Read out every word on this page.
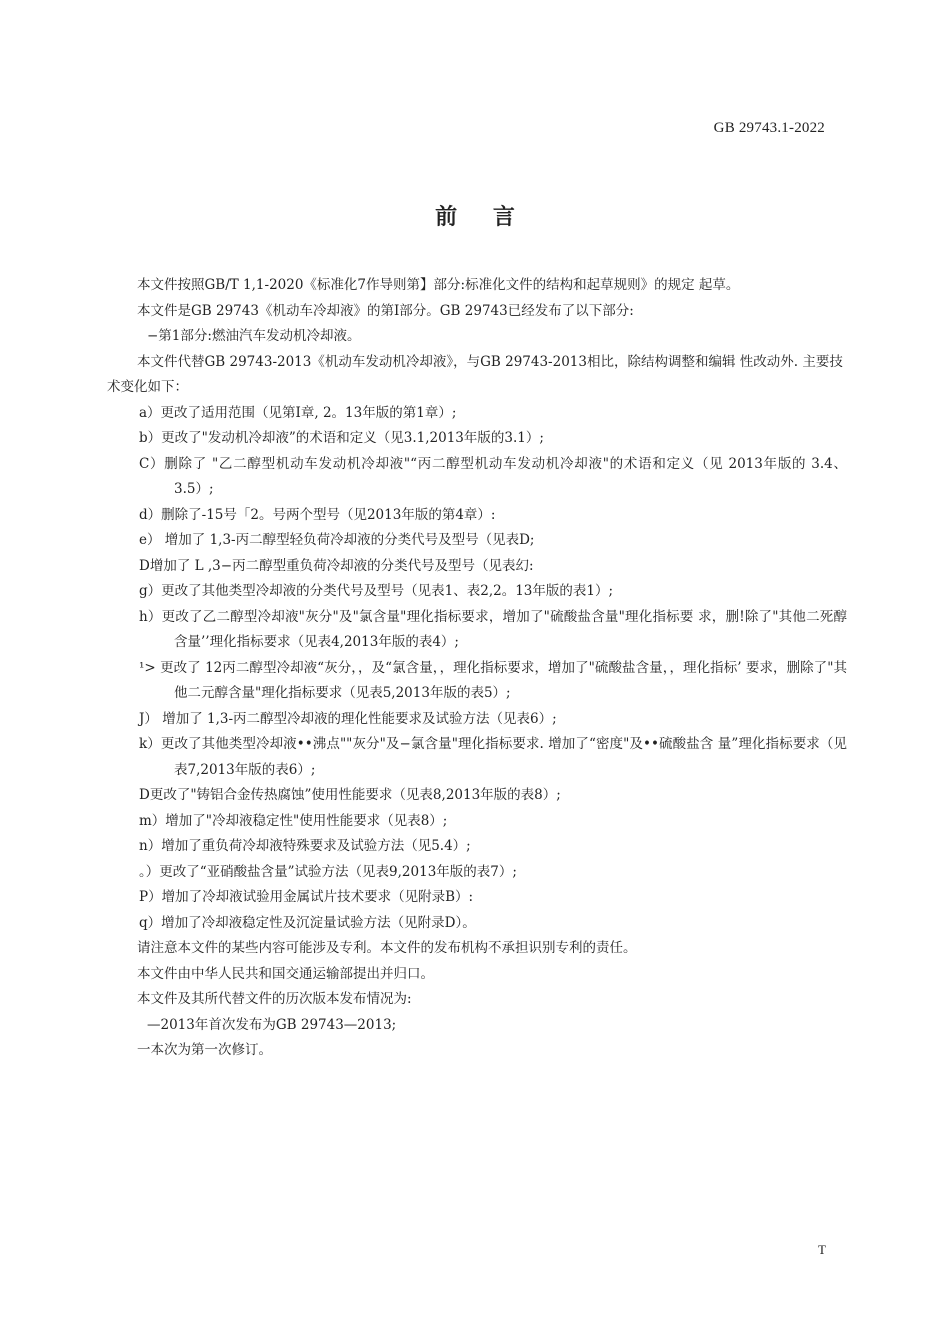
GB 29743.1-2022
前 言

本文件按照GB/T 1,1-2020《标准化7作导则第】部分:标准化文件的结构和起草规则》的规定 起草。

本文件是GB 29743《机动车冷却液》的第I部分。GB 29743已经发布了以下部分:

−第1部分:燃油汽车发动机冷却液。

本文件代替GB 29743-2013《机动车发动机冷却液》，与GB 29743-2013相比，除结构调整和编辑 性改动外. 主要技术变化如下：

a）更改了适用范围（见第I章, 2。13年版的第1章）;

b）更改了"发动机冷却液”的术语和定义（见3.1,2013年版的3.1）;

C）删除了 "乙二醇型机动车发动机冷却液"“丙二醇型机动车发动机冷却液"的术语和定义（见 2013年版的 3.4、3.5）;

d）删除了-15号「2。号两个型号（见2013年版的第4章）:

e） 增加了 1,3-丙二醇型轻负荷冷却液的分类代号及型号（见表D;

D增加了 L ,3−丙二醇型重负荷冷却液的分类代号及型号（见表幻:

g）更改了其他类型冷却液的分类代号及型号（见表1、表2,2。13年版的表1）;

h）更改了乙二醇型冷却液"灰分"及"氯含量"理化指标要求，增加了"硫酸盐含量"理化指标要 求，删!除了"其他二死醇含量’’理化指标要求（见表4,2013年版的表4）;

¹> 更改了 12丙二醇型冷却液“灰分，，及“氯含量，，理化指标要求，增加了"硫酸盐含量，，理化指标’ 要求，删除了"其他二元醇含量"理化指标要求（见表5,2013年版的表5）;

J） 增加了 1,3-丙二醇型冷却液的理化性能要求及试验方法（见表6）;

k）更改了其他类型冷却液••沸点""灰分"及−氯含量"理化指标要求. 增加了“密度"及••硫酸盐含 量”理化指标要求（见表7,2013年版的表6）;

D更改了"铸铝合金传热腐蚀”使用性能要求（见表8,2013年版的表8）;

m）增加了"冷却液稳定性"使用性能要求（见表8）;

n）增加了重负荷冷却液特殊要求及试验方法（见5.4）;

。）更改了“亚硝酸盐含量”试验方法（见表9,2013年版的表7）;

P）增加了冷却液试验用金属试片技术要求（见附录B）:

q）增加了冷却液稳定性及沉淀量试验方法（见附录D）。

请注意本文件的某些内容可能涉及专利。本文件的发布机构不承担识别专利的责任。

本文件由中华人民共和国交通运输部提出并归口。

本文件及其所代替文件的历次版本发布情况为:

—2013年首次发布为GB 29743—2013;

一本次为第一次修订。

T
